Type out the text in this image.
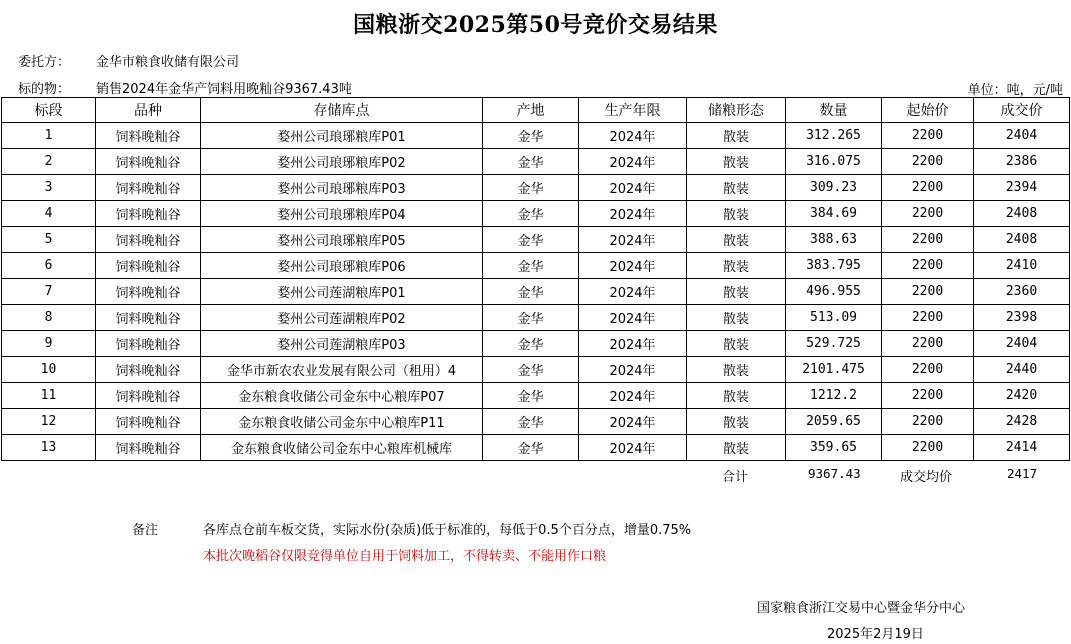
国粮浙交2025第50号竞价交易结果
委托方： 金华市粮食收储有限公司
标的物： 销售2024年金华产饲料用晚籼谷9367.43吨	单位：吨，元/吨
标段	品种	存储库点	产地	生产年限	储粮形态	数量	起始价	成交价
1	饲料晚籼谷	婺州公司琅琊粮库P01	金华	2024年	散装	312.265	2200	2404
2	饲料晚籼谷	婺州公司琅琊粮库P02	金华	2024年	散装	316.075	2200	2386
3	饲料晚籼谷	婺州公司琅琊粮库P03	金华	2024年	散装	309.23	2200	2394
4	饲料晚籼谷	婺州公司琅琊粮库P04	金华	2024年	散装	384.69	2200	2408
5	饲料晚籼谷	婺州公司琅琊粮库P05	金华	2024年	散装	388.63	2200	2408
6	饲料晚籼谷	婺州公司琅琊粮库P06	金华	2024年	散装	383.795	2200	2410
7	饲料晚籼谷	婺州公司莲湖粮库P01	金华	2024年	散装	496.955	2200	2360
8	饲料晚籼谷	婺州公司莲湖粮库P02	金华	2024年	散装	513.09	2200	2398
9	饲料晚籼谷	婺州公司莲湖粮库P03	金华	2024年	散装	529.725	2200	2404
10	饲料晚籼谷	金华市新农农业发展有限公司（租用）4	金华	2024年	散装	2101.475	2200	2440
11	饲料晚籼谷	金东粮食收储公司金东中心粮库P07	金华	2024年	散装	1212.2	2200	2420
12	饲料晚籼谷	金东粮食收储公司金东中心粮库P11	金华	2024年	散装	2059.65	2200	2428
13	饲料晚籼谷	金东粮食收储公司金东中心粮库机械库	金华	2024年	散装	359.65	2200	2414
合计	9367.43	成交均价	2417
备注	各库点仓前车板交货，实际水份(杂质)低于标准的，每低于0.5个百分点，增量0.75%
本批次晚稻谷仅限竞得单位自用于饲料加工，不得转卖、不能用作口粮
国家粮食浙江交易中心暨金华分中心
2025年2月19日
